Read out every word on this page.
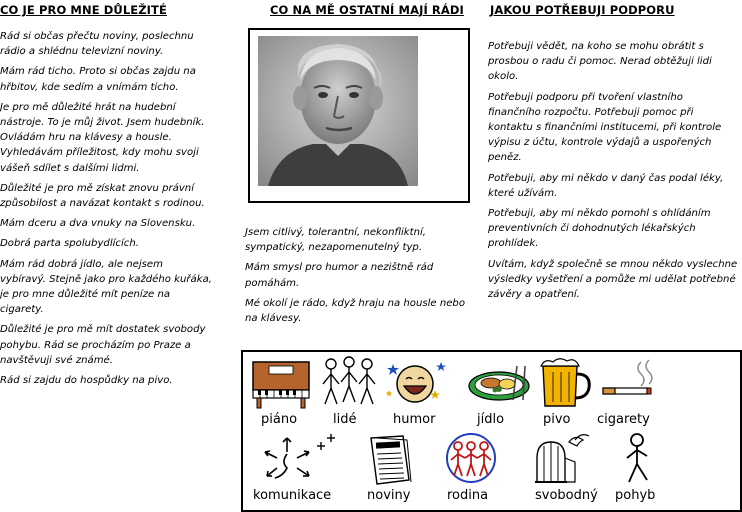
CO JE PRO MNE DŮLEŽITÉ

Rád si občas přečtu noviny, poslechnu rádio a shlédnu televizní noviny.

Mám rád ticho. Proto si občas zajdu na hřbitov, kde sedím a vnímám ticho.

Je pro mě důležité hrát na hudební nástroje. To je můj život. Jsem hudebník. Ovládám hru na klávesy a housle. Vyhledávám příležitost, kdy mohu svoji vášeň sdílet s dalšími lidmi.

Důležité je pro mě získat znovu právní způsobilost a navázat kontakt s rodinou.

Mám dceru a dva vnuky na Slovensku.

Dobrá parta spolubydlících.

Mám rád dobrá jídlo, ale nejsem vybíravý. Stejně jako pro každého kuřáka, je pro mne důležité mít peníze na cigarety.

Důležité je pro mě mít dostatek svobody pohybu. Rád se procházím po Praze a navštěvuji své známé.

Rád si zajdu do hospůdky na pivo.

CO NA MĚ OSTATNÍ MAJÍ RÁDI

Jsem citlivý, tolerantní, nekonfliktní, sympatický, nezapomenutelný typ.

Mám smysl pro humor a nezištně rád pomáhám.

Mé okolí je rádo, když hraju na housle nebo na klávesy.

JAKOU POTŘEBUJI PODPORU

Potřebuji vědět, na koho se mohu obrátit s prosbou o radu či pomoc. Nerad obtěžuji lidi okolo.

Potřebuji podporu při tvoření vlastního finančního rozpočtu. Potřebuji pomoc při kontaktu s finančními institucemi, při kontrole výpisu z účtu, kontrole výdajů a uspořených peněz.

Potřebuji, aby mi někdo v daný čas podal léky, které užívám.

Potřebuji, aby mi někdo pomohl s ohlídáním preventivních či dohodnutých lékařských prohlídek.

Uvítám, když společně se mnou někdo vyslechne výsledky vyšetření a pomůže mi udělat potřebné závěry a opatření.

piáno	lidé	humor	jídlo	pivo cigarety
komunikace	noviny	rodina	svobodný pohyb
